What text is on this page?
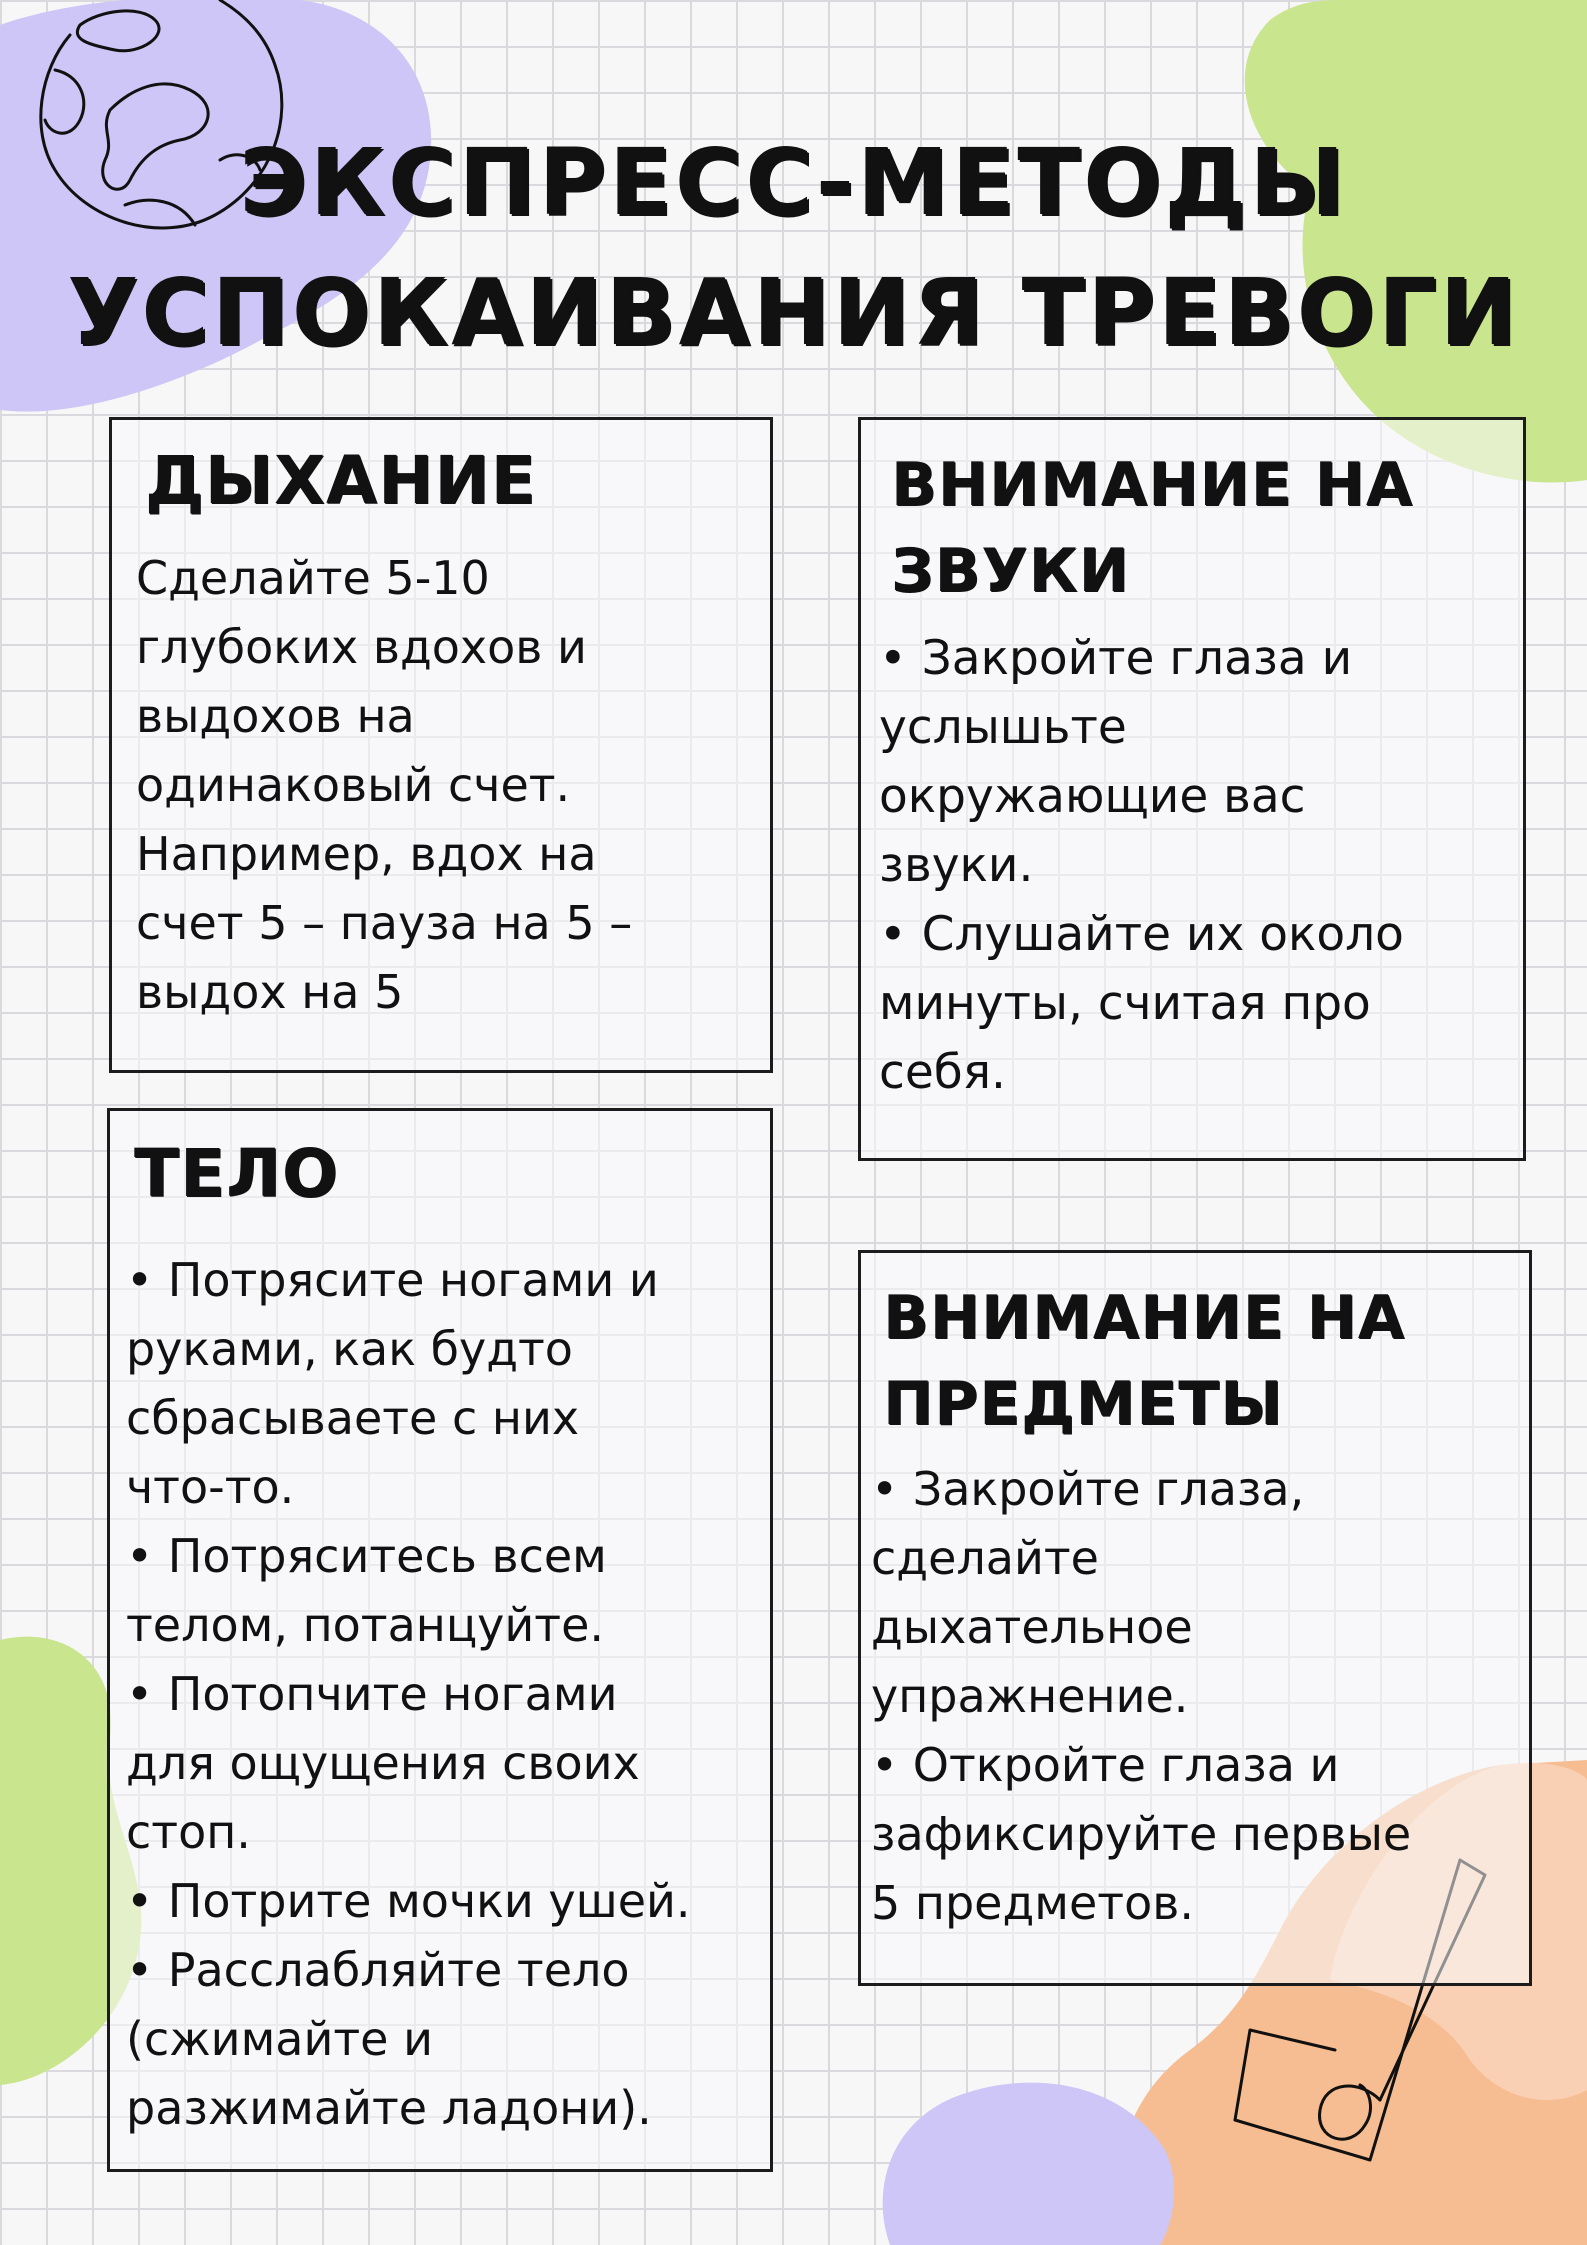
ЭКСПРЕСС-МЕТОДЫ
УСПОКАИВАНИЯ ТРЕВОГИ
ДЫХАНИЕ

Сделайте 5-10
глубоких вдохов и
выдохов на
одинаковый счет.
Например, вдох на
счет 5 – пауза на 5 –
выдох на 5

ВНИМАНИЕ НА
ЗВУКИ

• Закройте глаза и
услышьте
окружающие вас
звуки.
• Слушайте их около
минуты, считая про
себя.

ТЕЛО

• Потрясите ногами и
руками, как будто
сбрасываете с них
что-то.
• Потряситесь всем
телом, потанцуйте.
• Потопчите ногами
для ощущения своих
стоп.
• Потрите мочки ушей.
• Расслабляйте тело
(сжимайте и
разжимайте ладони).

ВНИМАНИЕ НА
ПРЕДМЕТЫ

• Закройте глаза,
сделайте
дыхательное
упражнение.
• Откройте глаза и
зафиксируйте первые
5 предметов.
